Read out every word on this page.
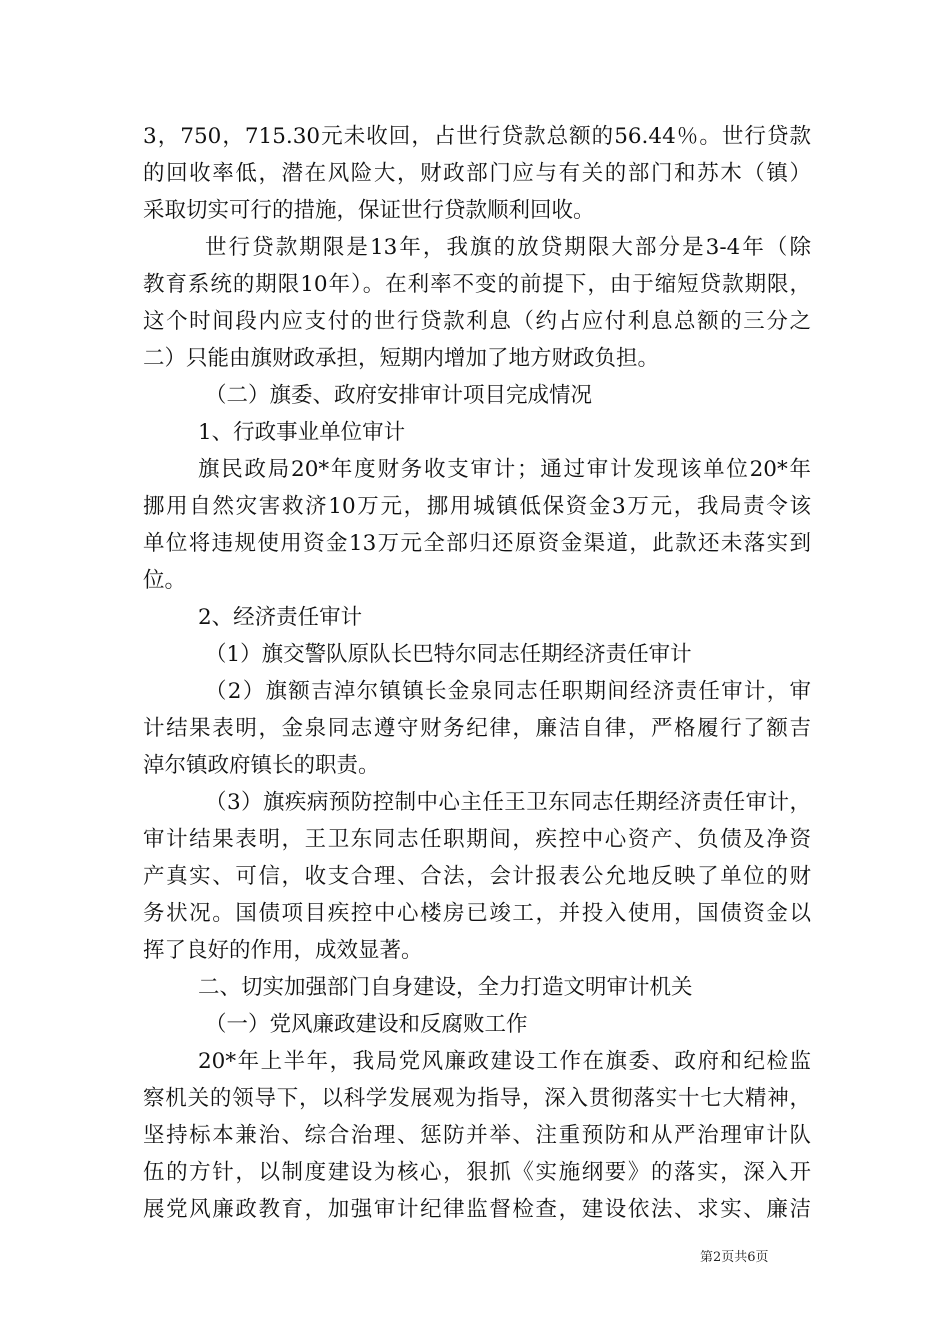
3，750，715.30元未收回，占世行贷款总额的56.44％。世行贷款
的回收率低，潜在风险大，财政部门应与有关的部门和苏木（镇）
采取切实可行的措施，保证世行贷款顺利回收。
世行贷款期限是13年，我旗的放贷期限大部分是3-4年（除
教育系统的期限10年）。在利率不变的前提下，由于缩短贷款期限，
这个时间段内应支付的世行贷款利息（约占应付利息总额的三分之
二）只能由旗财政承担，短期内增加了地方财政负担。
（二）旗委、政府安排审计项目完成情况
1、行政事业单位审计
旗民政局20*年度财务收支审计；通过审计发现该单位20*年
挪用自然灾害救济10万元，挪用城镇低保资金3万元，我局责令该
单位将违规使用资金13万元全部归还原资金渠道，此款还未落实到
位。
2、经济责任审计
（1）旗交警队原队长巴特尔同志任期经济责任审计
（2）旗额吉淖尔镇镇长金泉同志任职期间经济责任审计，审
计结果表明，金泉同志遵守财务纪律，廉洁自律，严格履行了额吉
淖尔镇政府镇长的职责。
（3）旗疾病预防控制中心主任王卫东同志任期经济责任审计，
审计结果表明，王卫东同志任职期间，疾控中心资产、负债及净资
产真实、可信，收支合理、合法，会计报表公允地反映了单位的财
务状况。国债项目疾控中心楼房已竣工，并投入使用，国债资金以
挥了良好的作用，成效显著。
二、切实加强部门自身建设，全力打造文明审计机关
（一）党风廉政建设和反腐败工作
20*年上半年，我局党风廉政建设工作在旗委、政府和纪检监
察机关的领导下，以科学发展观为指导，深入贯彻落实十七大精神，
坚持标本兼治、综合治理、惩防并举、注重预防和从严治理审计队
伍的方针，以制度建设为核心，狠抓《实施纲要》的落实，深入开
展党风廉政教育，加强审计纪律监督检查，建设依法、求实、廉洁
第2页共6页
